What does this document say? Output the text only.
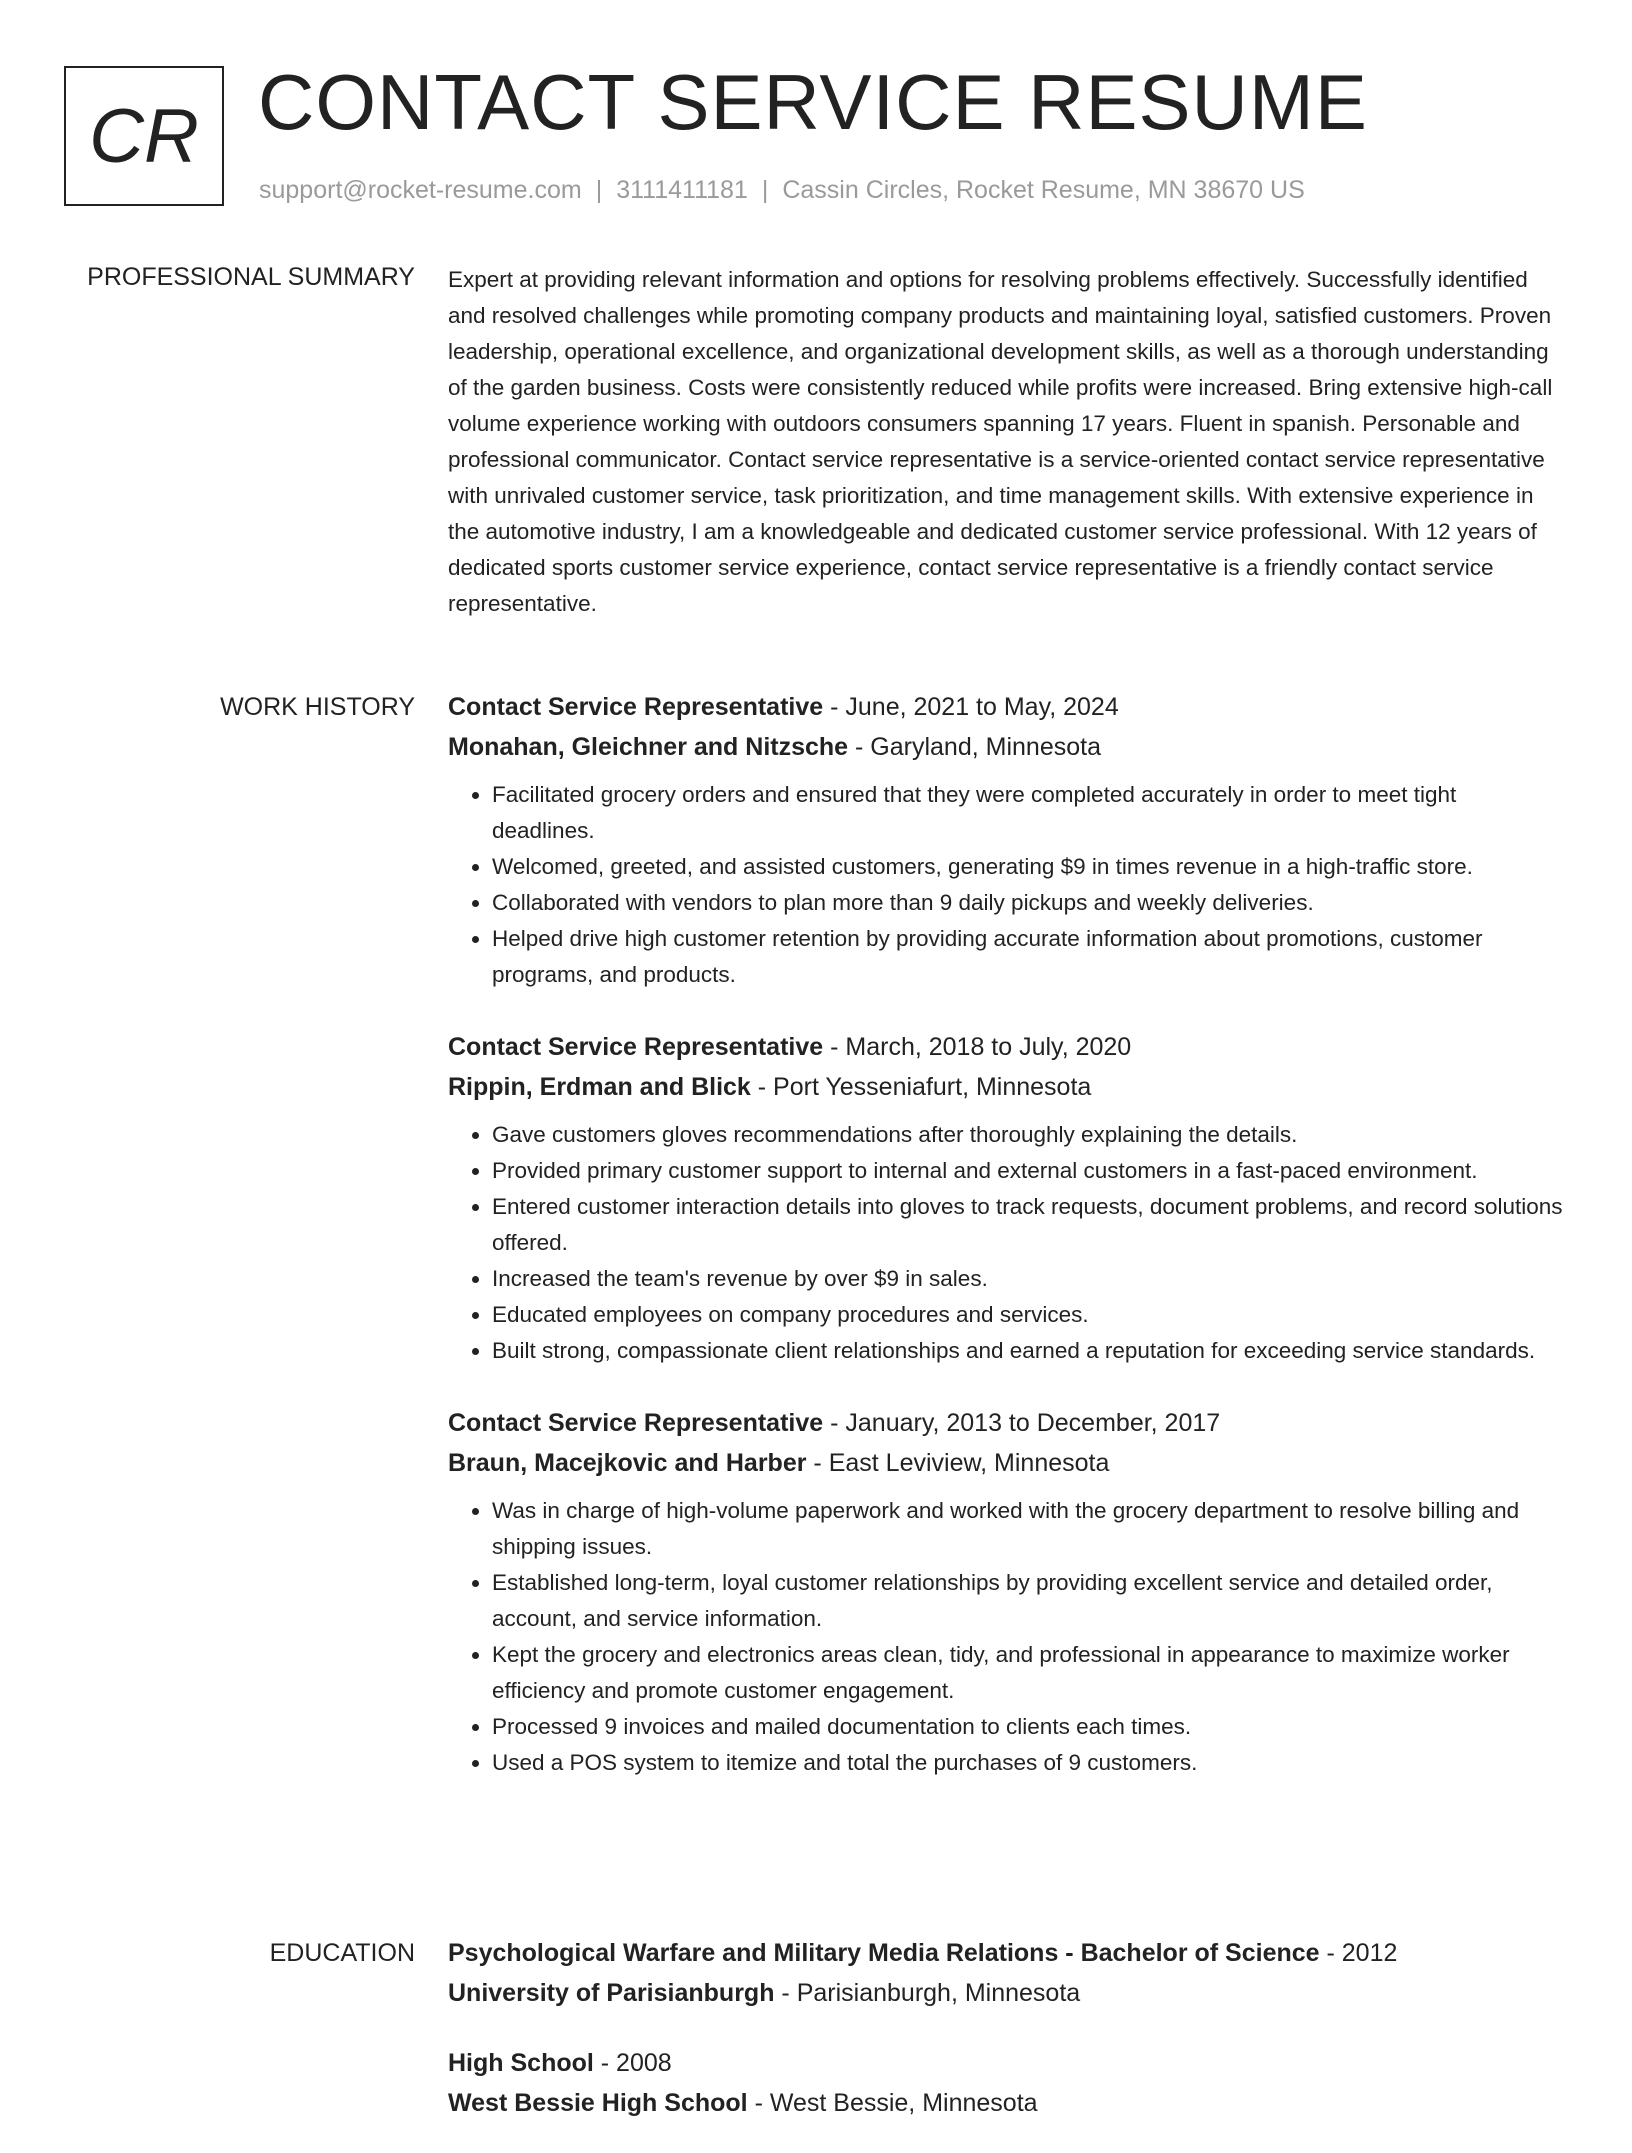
CR CONTACT SERVICE RESUME
support@rocket-resume.com | 3111411181 | Cassin Circles, Rocket Resume, MN 38670 US
PROFESSIONAL SUMMARY Expert at providing relevant information and options for resolving problems effectively. Successfully identified and resolved challenges while promoting company products and maintaining loyal, satisfied customers. Proven leadership, operational excellence, and organizational development skills, as well as a thorough understanding of the garden business. Costs were consistently reduced while profits were increased. Bring extensive high-call volume experience working with outdoors consumers spanning 17 years. Fluent in spanish. Personable and professional communicator. Contact service representative is a service-oriented contact service representative with unrivaled customer service, task prioritization, and time management skills. With extensive experience in the automotive industry, I am a knowledgeable and dedicated customer service professional. With 12 years of dedicated sports customer service experience, contact service representative is a friendly contact service representative.

WORK HISTORY Contact Service Representative - June, 2021 to May, 2024
Monahan, Gleichner and Nitzsche - Garyland, Minnesota
• Facilitated grocery orders and ensured that they were completed accurately in order to meet tight deadlines.
• Welcomed, greeted, and assisted customers, generating $9 in times revenue in a high-traffic store.
• Collaborated with vendors to plan more than 9 daily pickups and weekly deliveries.
• Helped drive high customer retention by providing accurate information about promotions, customer programs, and products.
Contact Service Representative - March, 2018 to July, 2020
Rippin, Erdman and Blick - Port Yesseniafurt, Minnesota
• Gave customers gloves recommendations after thoroughly explaining the details.
• Provided primary customer support to internal and external customers in a fast-paced environment.
• Entered customer interaction details into gloves to track requests, document problems, and record solutions offered.
• Increased the team's revenue by over $9 in sales.
• Educated employees on company procedures and services.
• Built strong, compassionate client relationships and earned a reputation for exceeding service standards.
Contact Service Representative - January, 2013 to December, 2017
Braun, Macejkovic and Harber - East Leviview, Minnesota
• Was in charge of high-volume paperwork and worked with the grocery department to resolve billing and shipping issues.
• Established long-term, loyal customer relationships by providing excellent service and detailed order, account, and service information.
• Kept the grocery and electronics areas clean, tidy, and professional in appearance to maximize worker efficiency and promote customer engagement.
• Processed 9 invoices and mailed documentation to clients each times.
• Used a POS system to itemize and total the purchases of 9 customers.
EDUCATION Psychological Warfare and Military Media Relations - Bachelor of Science - 2012
University of Parisianburgh - Parisianburgh, Minnesota
High School - 2008
West Bessie High School - West Bessie, Minnesota
